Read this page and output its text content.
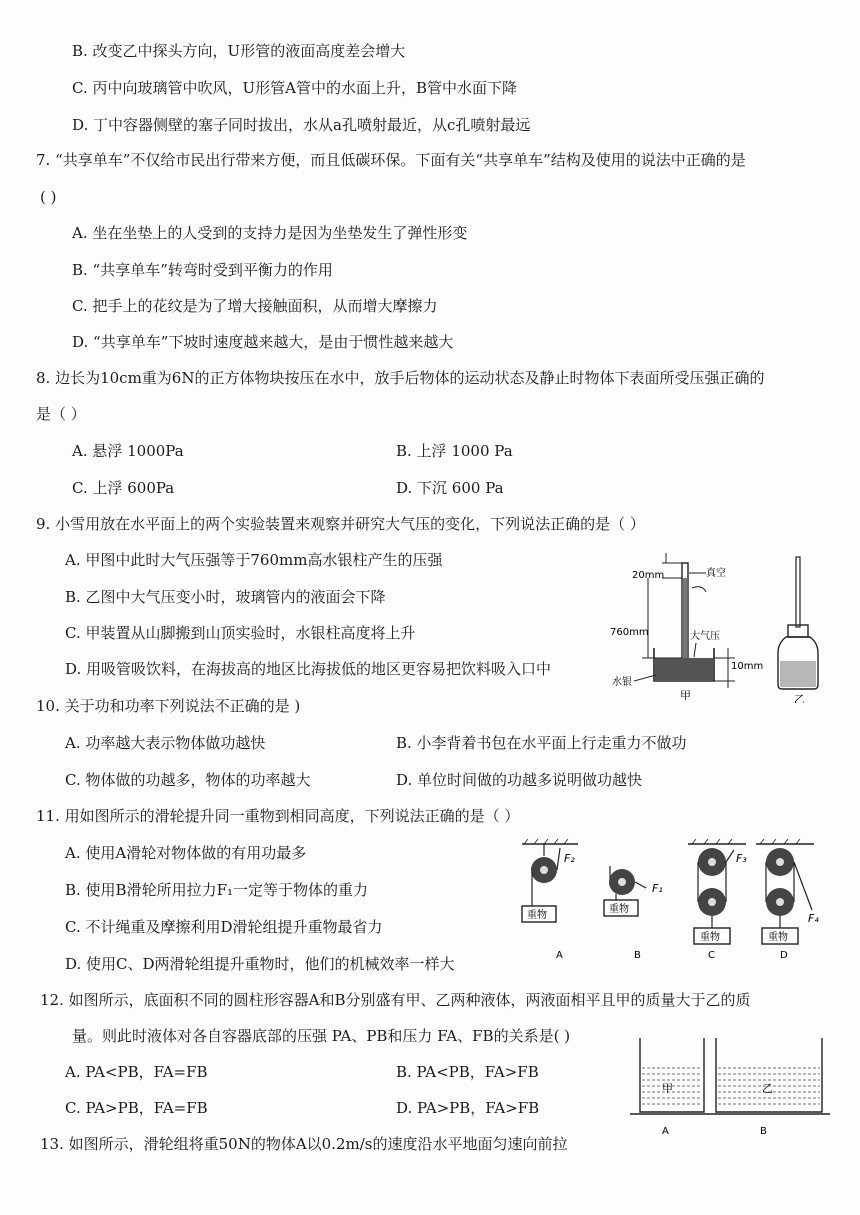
B. 改变乙中探头方向，U形管的液面高度差会增大
C. 丙中向玻璃管中吹风，U形管A管中的水面上升，B管中水面下降
D. 丁中容器侧壁的塞子同时拔出，水从a孔喷射最近，从c孔喷射最远
7. “共享单车”不仅给市民出行带来方便，而且低碳环保。下面有关“共享单车”结构及使用的说法中正确的是
( )
A. 坐在坐垫上的人受到的支持力是因为坐垫发生了弹性形变
B. “共享单车”转弯时受到平衡力的作用
C. 把手上的花纹是为了增大接触面积，从而增大摩擦力
D. “共享单车”下坡时速度越来越大，是由于惯性越来越大
8. 边长为10cm重为6N的正方体物块按压在水中，放手后物体的运动状态及静止时物体下表面所受压强正确的
是（ ）
A. 悬浮 1000Pa	B. 上浮 1000 Pa
C. 上浮 600Pa	D. 下沉 600 Pa
9. 小雪用放在水平面上的两个实验装置来观察并研究大气压的变化，下列说法正确的是（ ）
A. 甲图中此时大气压强等于760mm高水银柱产生的压强
B. 乙图中大气压变小时，玻璃管内的液面会下降
C. 甲装置从山脚搬到山顶实验时，水银柱高度将上升
D. 用吸管吸饮料，在海拔高的地区比海拔低的地区更容易把饮料吸入口中
20mm	真空
760mm	大气压
10mm
水银
甲	乙
10. 关于功和功率下列说法不正确的是 )
A. 功率越大表示物体做功越快	B. 小李背着书包在水平面上行走重力不做功
C. 物体做的功越多，物体的功率越大	D. 单位时间做的功越多说明做功越快
11. 用如图所示的滑轮提升同一重物到相同高度，下列说法正确的是（ ）
A. 使用A滑轮对物体做的有用功最多
B. 使用B滑轮所用拉力F₁一定等于物体的重力
C. 不计绳重及摩擦利用D滑轮组提升重物最省力
D. 使用C、D两滑轮组提升重物时，他们的机械效率一样大
F₂
重物
A
F₁
重物
B
F₃
重物
C
F₄
重物
D
12. 如图所示，底面积不同的圆柱形容器A和B分别盛有甲、乙两种液体，两液面相平且甲的质量大于乙的质
量。则此时液体对各自容器底部的压强 PA、PB和压力 FA、FB的关系是( )
A. PA<PB，FA=FB	B. PA<PB，FA>FB
C. PA>PB，FA=FB	D. PA>PB，FA>FB
甲
A
乙
B
13. 如图所示，滑轮组将重50N的物体A以0.2m/s的速度沿水平地面匀速向前拉
